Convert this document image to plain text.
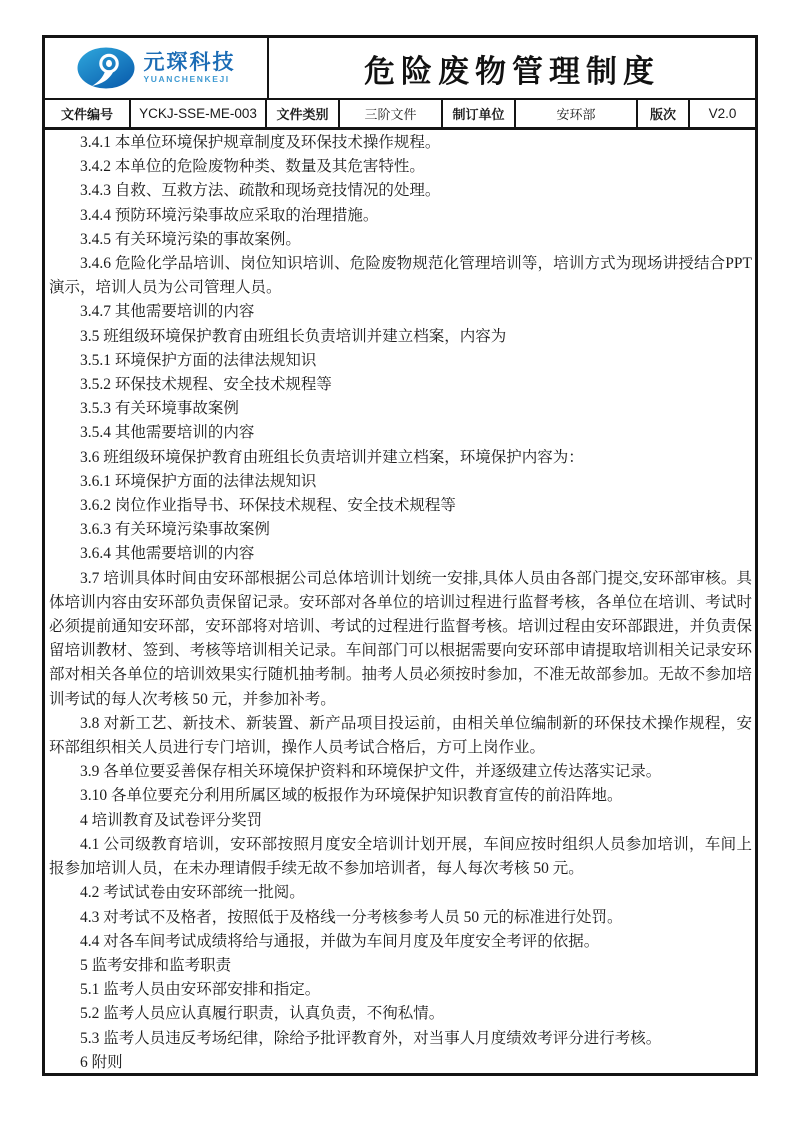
元琛科技
YUANCHENKEJI	危险废物管理制度
文件编号 YCKJ-SSE-ME-003 文件类别	三阶文件	制订单位	安环部	版次 V2.0

3.4.1 本单位环境保护规章制度及环保技术操作规程。

3.4.2 本单位的危险废物种类、数量及其危害特性。

3.4.3 自救、互救方法、疏散和现场竞技情况的处理。

3.4.4 预防环境污染事故应采取的治理措施。

3.4.5 有关环境污染的事故案例。

3.4.6 危险化学品培训、岗位知识培训、危险废物规范化管理培训等，培训方式为现场讲授结合PPT 演示，培训人员为公司管理人员。

3.4.7 其他需要培训的内容

3.5 班组级环境保护教育由班组长负责培训并建立档案，内容为

3.5.1 环境保护方面的法律法规知识

3.5.2 环保技术规程、安全技术规程等

3.5.3 有关环境事故案例

3.5.4 其他需要培训的内容

3.6 班组级环境保护教育由班组长负责培训并建立档案，环境保护内容为：

3.6.1 环境保护方面的法律法规知识

3.6.2 岗位作业指导书、环保技术规程、安全技术规程等

3.6.3 有关环境污染事故案例

3.6.4 其他需要培训的内容

3.7 培训具体时间由安环部根据公司总体培训计划统一安排,具体人员由各部门提交,安环部审核。具体培训内容由安环部负责保留记录。安环部对各单位的培训过程进行监督考核，各单位在培训、考试时必须提前通知安环部，安环部将对培训、考试的过程进行监督考核。培训过程由安环部跟进，并负责保留培训教材、签到、考核等培训相关记录。车间部门可以根据需要向安环部申请提取培训相关记录安环部对相关各单位的培训效果实行随机抽考制。抽考人员必须按时参加，不准无故部参加。无故不参加培训考试的每人次考核 50 元，并参加补考。

3.8 对新工艺、新技术、新装置、新产品项目投运前，由相关单位编制新的环保技术操作规程，安环部组织相关人员进行专门培训，操作人员考试合格后，方可上岗作业。

3.9 各单位要妥善保存相关环境保护资料和环境保护文件，并逐级建立传达落实记录。

3.10 各单位要充分利用所属区域的板报作为环境保护知识教育宣传的前沿阵地。

4 培训教育及试卷评分奖罚

4.1 公司级教育培训，安环部按照月度安全培训计划开展，车间应按时组织人员参加培训，车间上报参加培训人员，在未办理请假手续无故不参加培训者，每人每次考核 50 元。

4.2 考试试卷由安环部统一批阅。

4.3 对考试不及格者，按照低于及格线一分考核参考人员 50 元的标准进行处罚。

4.4 对各车间考试成绩将给与通报，并做为车间月度及年度安全考评的依据。

5 监考安排和监考职责

5.1 监考人员由安环部安排和指定。

5.2 监考人员应认真履行职责，认真负责，不徇私情。

5.3 监考人员违反考场纪律，除给予批评教育外，对当事人月度绩效考评分进行考核。

6 附则
